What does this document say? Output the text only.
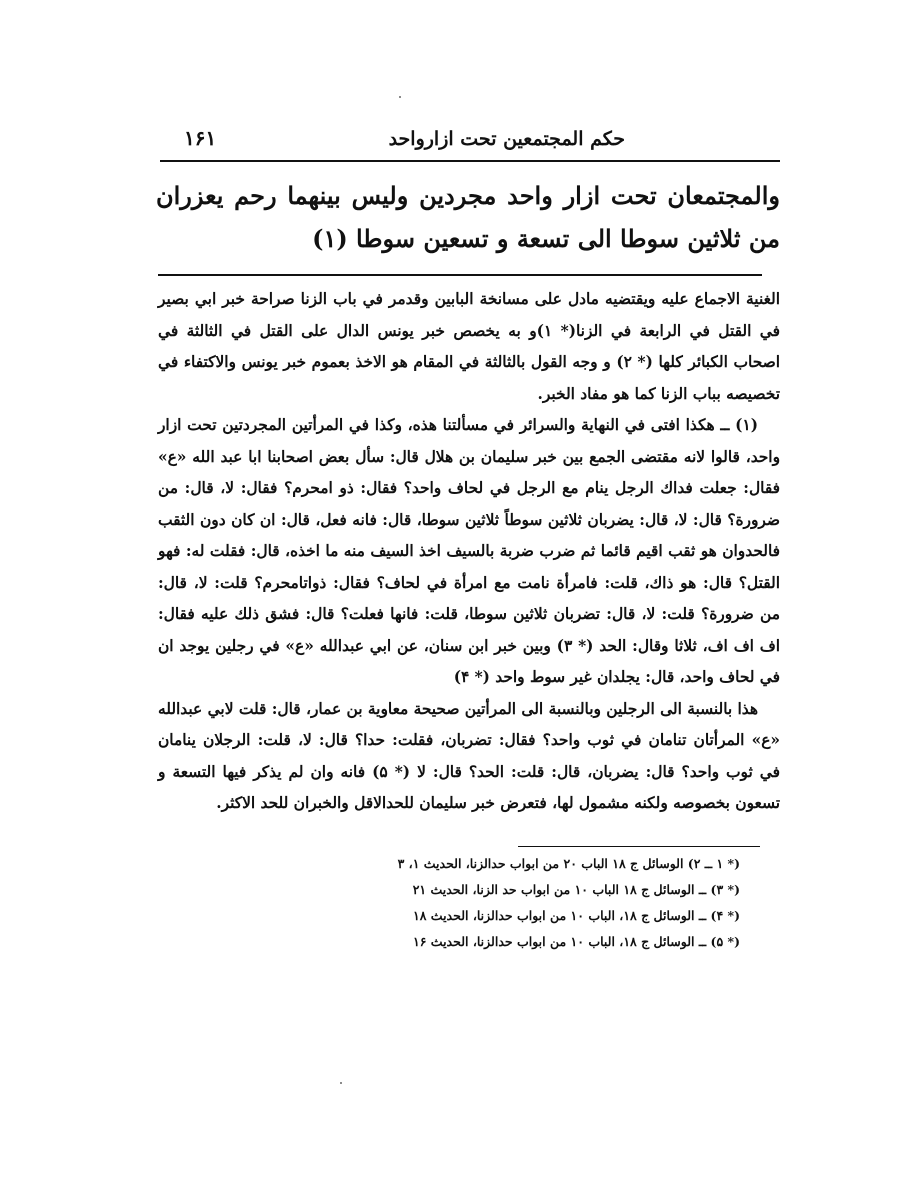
حكم المجتمعين تحت ازارواحد
۱۶۱
والمجتمعان تحت ازار واحد مجردين وليس بينهما رحم يعزران من ثلاثين سوطا الى تسعة و تسعين سوطا (۱)

الغنية الاجماع عليه ويقتضيه مادل على مسانخة البابين وقدمر في باب الزنا صراحة خبر ابي بصير في القتل في الرابعة في الزنا(* ۱)و به يخصص خبر يونس الدال على القتل في الثالثة في اصحاب الكبائر كلها (* ۲) و وجه القول بالثالثة في المقام هو الاخذ بعموم خبر يونس والاكتفاء في تخصيصه بباب الزنا كما هو مفاد الخبر.

(۱) ــ هكذا افتى في النهاية والسرائر في مسألتنا هذه، وكذا في المرأتين المجردتين تحت ازار واحد، قالوا لانه مقتضى الجمع بين خبر سليمان بن هلال قال: سأل بعض اصحابنا ابا عبد الله «ع» فقال: جعلت فداك الرجل ينام مع الرجل في لحاف واحد؟ فقال: ذو امحرم؟ فقال: لا، قال: من ضرورة؟ قال: لا، قال: يضربان ثلاثين سوطاً ثلاثين سوطا، قال: فانه فعل، قال: ان كان دون الثقب فالحدوان هو ثقب اقيم قائما ثم ضرب ضربة بالسيف اخذ السيف منه ما اخذه، قال: فقلت له: فهو القتل؟ قال: هو ذاك، قلت: فامرأة نامت مع امرأة في لحاف؟ فقال: ذواتامحرم؟ قلت: لا، قال: من ضرورة؟ قلت: لا، قال: تضربان ثلاثين سوطا، قلت: فانها فعلت؟ قال: فشق ذلك عليه فقال: اف اف اف، ثلاثا وقال: الحد (* ۳) وبين خبر ابن سنان، عن ابي عبدالله «ع» في رجلين يوجد ان في لحاف واحد، قال: يجلدان غير سوط واحد (* ۴)

هذا بالنسبة الى الرجلين وبالنسبة الى المرأتين صحيحة معاوية بن عمار، قال: قلت لابي عبدالله «ع» المرأتان تنامان في ثوب واحد؟ فقال: تضربان، فقلت: حدا؟ قال: لا، قلت: الرجلان ينامان في ثوب واحد؟ قال: يضربان، قال: قلت: الحد؟ قال: لا (* ۵) فانه وان لم يذكر فيها التسعة و تسعون بخصوصه ولكنه مشمول لها، فتعرض خبر سليمان للحدالاقل والخبران للحد الاكثر.

(* ۱ ــ ۲) الوسائل ج ۱۸ الباب ۲۰ من ابواب حدالزنا، الحديث ۱، ۳
(* ۳) ــ الوسائل ج ۱۸ الباب ۱۰ من ابواب حد الزنا، الحديث ۲۱
(* ۴) ــ الوسائل ج ۱۸، الباب ۱۰ من ابواب حدالزنا، الحديث ۱۸
(* ۵) ــ الوسائل ج ۱۸، الباب ۱۰ من ابواب حدالزنا، الحديث ۱۶
